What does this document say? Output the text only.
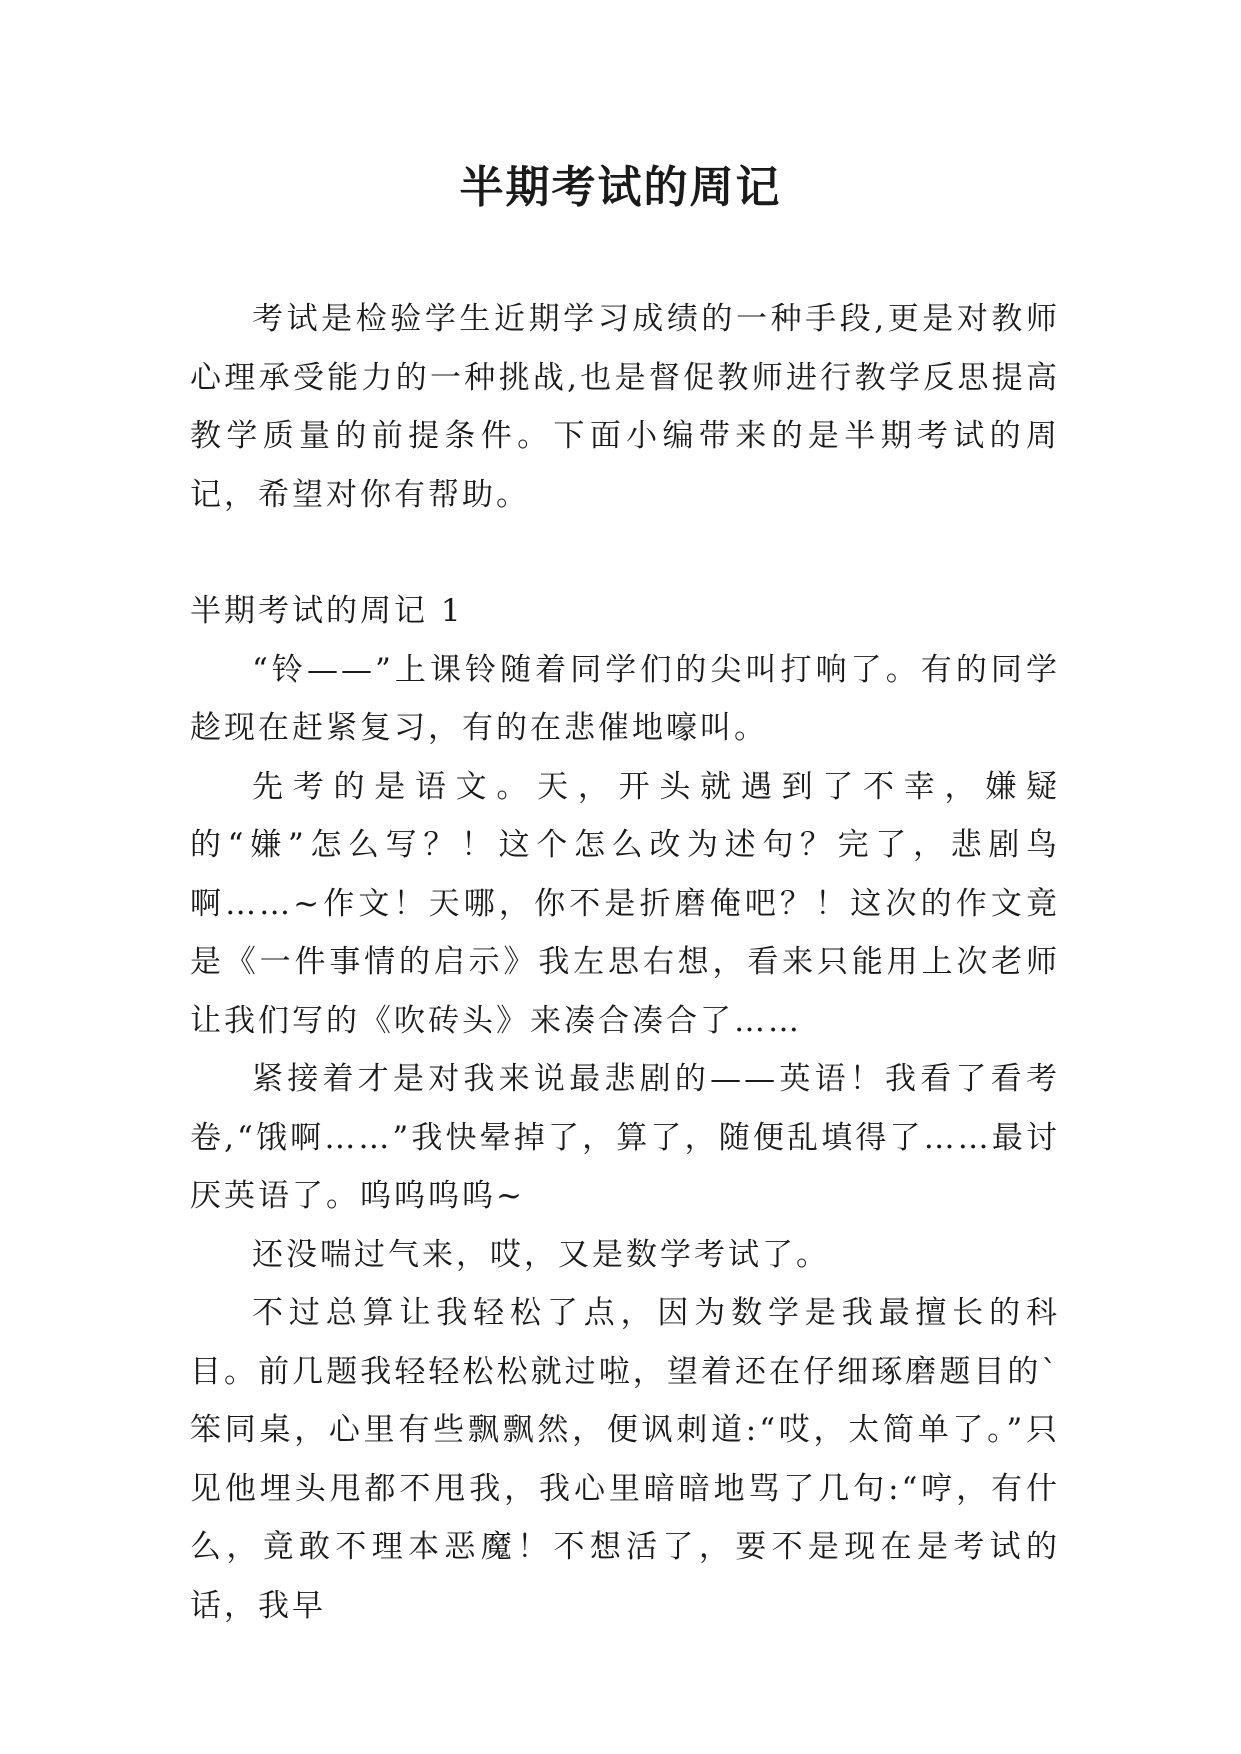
半期考试的周记

考试是检验学生近期学习成绩的一种手段,更是对教师心理承受能力的一种挑战,也是督促教师进行教学反思提高教学质量的前提条件。下面小编带来的是半期考试的周记，希望对你有帮助。

半期考试的周记 1

“铃——”上课铃随着同学们的尖叫打响了。有的同学趁现在赶紧复习，有的在悲催地嚎叫。

先考的是语文。天，开头就遇到了不幸，嫌疑的“嫌”怎么写？！这个怎么改为述句？完了，悲剧鸟啊……~作文！天哪，你不是折磨俺吧？！这次的作文竟是《一件事情的启示》我左思右想，看来只能用上次老师让我们写的《吹砖头》来凑合凑合了……

紧接着才是对我来说最悲剧的——英语！我看了看考卷,“饿啊……”我快晕掉了，算了，随便乱填得了……最讨厌英语了。呜呜呜呜~

还没喘过气来，哎，又是数学考试了。

不过总算让我轻松了点，因为数学是我最擅长的科目。前几题我轻轻松松就过啦，望着还在仔细琢磨题目的`笨同桌，心里有些飘飘然，便讽刺道:“哎，太简单了。”只见他埋头甩都不甩我，我心里暗暗地骂了几句:“哼，有什么，竟敢不理本恶魔！不想活了，要不是现在是考试的话，我早
